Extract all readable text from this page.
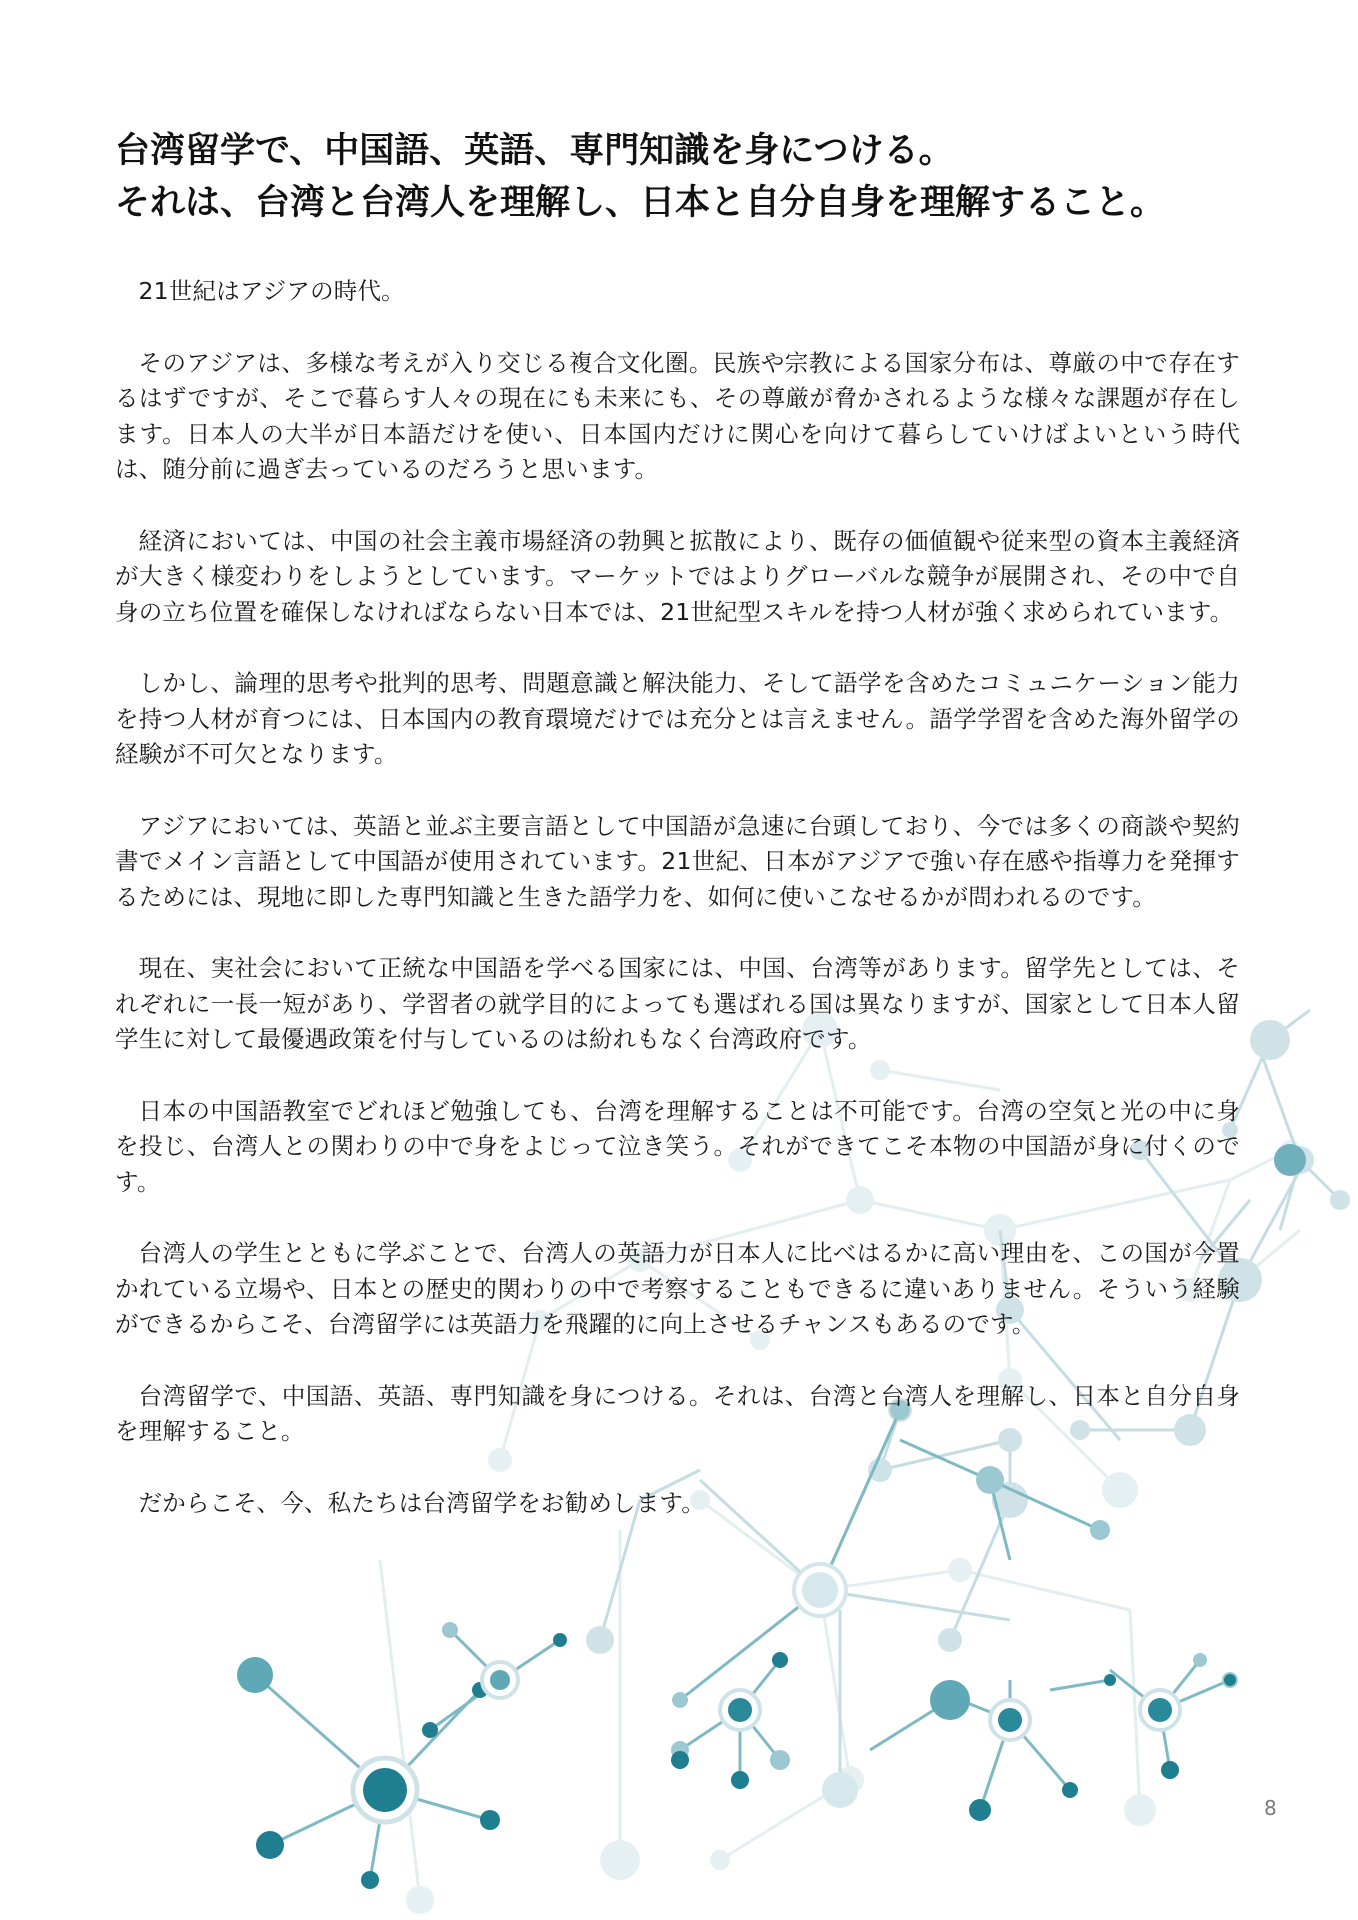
台湾留学で、中国語、英語、専門知識を身につける。
それは、台湾と台湾人を理解し、日本と自分自身を理解すること。

21世紀はアジアの時代。

そのアジアは、多様な考えが入り交じる複合文化圏。民族や宗教による国家分布は、尊厳の中で存在するはずですが、そこで暮らす人々の現在にも未来にも、その尊厳が脅かされるような様々な課題が存在します。日本人の大半が日本語だけを使い、日本国内だけに関心を向けて暮らしていけばよいという時代は、随分前に過ぎ去っているのだろうと思います。

経済においては、中国の社会主義市場経済の勃興と拡散により、既存の価値観や従来型の資本主義経済が大きく様変わりをしようとしています。マーケットではよりグローバルな競争が展開され、その中で自身の立ち位置を確保しなければならない日本では、21世紀型スキルを持つ人材が強く求められています。

しかし、論理的思考や批判的思考、問題意識と解決能力、そして語学を含めたコミュニケーション能力を持つ人材が育つには、日本国内の教育環境だけでは充分とは言えません。語学学習を含めた海外留学の経験が不可欠となります。

アジアにおいては、英語と並ぶ主要言語として中国語が急速に台頭しており、今では多くの商談や契約書でメイン言語として中国語が使用されています。21世紀、日本がアジアで強い存在感や指導力を発揮するためには、現地に即した専門知識と生きた語学力を、如何に使いこなせるかが問われるのです。

現在、実社会において正統な中国語を学べる国家には、中国、台湾等があります。留学先としては、それぞれに一長一短があり、学習者の就学目的によっても選ばれる国は異なりますが、国家として日本人留学生に対して最優遇政策を付与しているのは紛れもなく台湾政府です。

日本の中国語教室でどれほど勉強しても、台湾を理解することは不可能です。台湾の空気と光の中に身を投じ、台湾人との関わりの中で身をよじって泣き笑う。それができてこそ本物の中国語が身に付くのです。

台湾人の学生とともに学ぶことで、台湾人の英語力が日本人に比べはるかに高い理由を、この国が今置かれている立場や、日本との歴史的関わりの中で考察することもできるに違いありません。そういう経験ができるからこそ、台湾留学には英語力を飛躍的に向上させるチャンスもあるのです。

台湾留学で、中国語、英語、専門知識を身につける。それは、台湾と台湾人を理解し、日本と自分自身を理解すること。

だからこそ、今、私たちは台湾留学をお勧めします。

8
